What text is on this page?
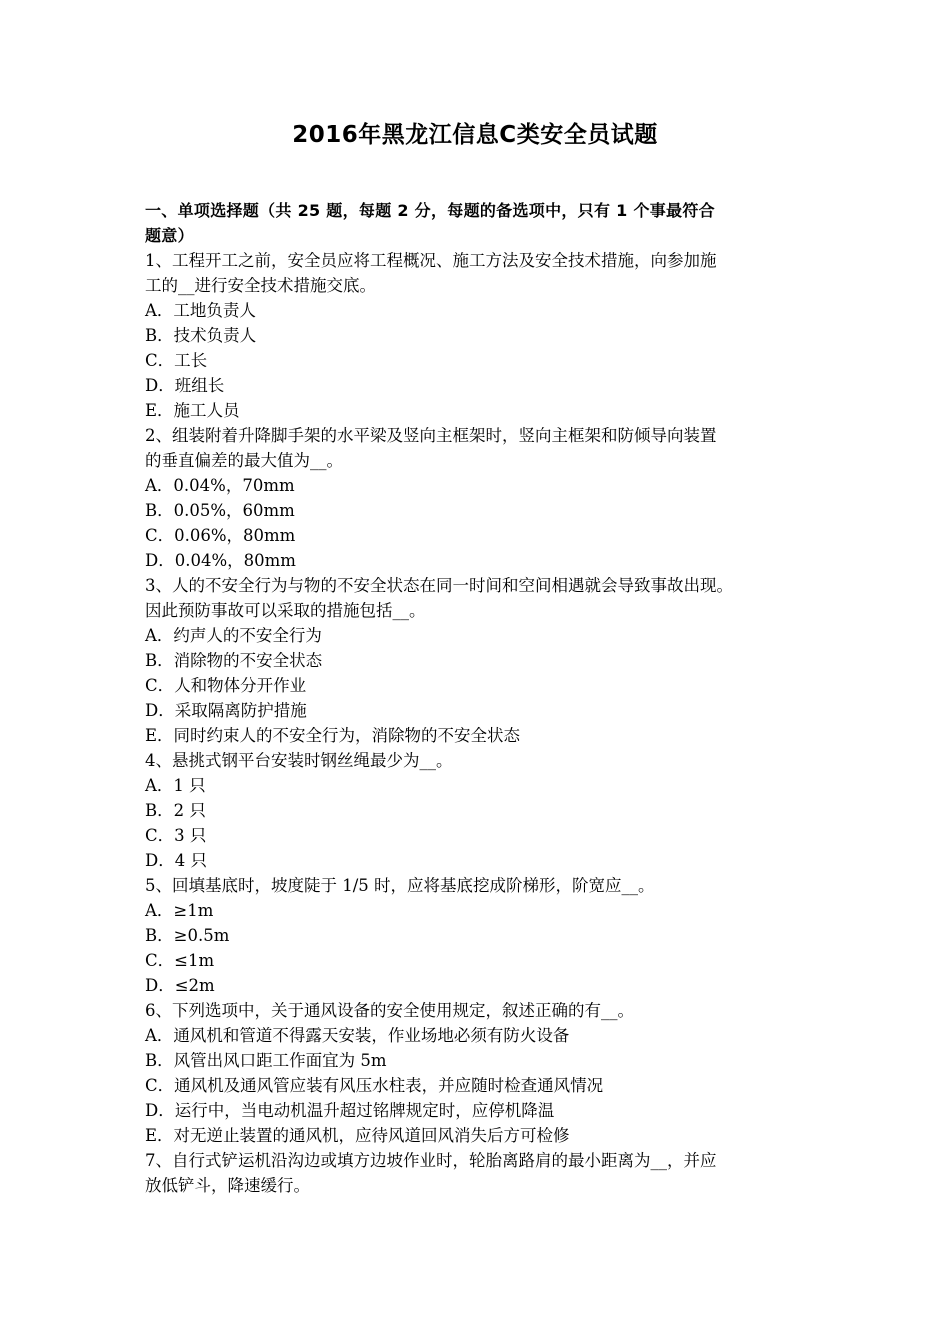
2016年黑龙江信息C类安全员试题
一、单项选择题（共 25 题，每题 2 分，每题的备选项中，只有 1 个事最符合
题意）
1、工程开工之前，安全员应将工程概况、施工方法及安全技术措施，向参加施
工的__进行安全技术措施交底。
A．工地负责人
B．技术负责人
C．工长
D．班组长
E．施工人员
2、组装附着升降脚手架的水平梁及竖向主框架时，竖向主框架和防倾导向装置
的垂直偏差的最大值为__。
A．0.04%，70mm
B．0.05%，60mm
C．0.06%，80mm
D．0.04%，80mm
3、人的不安全行为与物的不安全状态在同一时间和空间相遇就会导致事故出现。
因此预防事故可以采取的措施包括__。
A．约声人的不安全行为
B．消除物的不安全状态
C．人和物体分开作业
D．采取隔离防护措施
E．同时约束人的不安全行为，消除物的不安全状态
4、悬挑式钢平台安装时钢丝绳最少为__。
A．1 只
B．2 只
C．3 只
D．4 只
5、回填基底时，坡度陡于 1/5 时，应将基底挖成阶梯形，阶宽应__。
A．≥1m
B．≥0.5m
C．≤1m
D．≤2m
6、下列选项中，关于通风设备的安全使用规定，叙述正确的有__。
A．通风机和管道不得露天安装，作业场地必须有防火设备
B．风管出风口距工作面宜为 5m
C．通风机及通风管应装有风压水柱表，并应随时检查通风情况
D．运行中，当电动机温升超过铭牌规定时，应停机降温
E．对无逆止装置的通风机，应待风道回风消失后方可检修
7、自行式铲运机沿沟边或填方边坡作业时，轮胎离路肩的最小距离为__，并应
放低铲斗，降速缓行。
